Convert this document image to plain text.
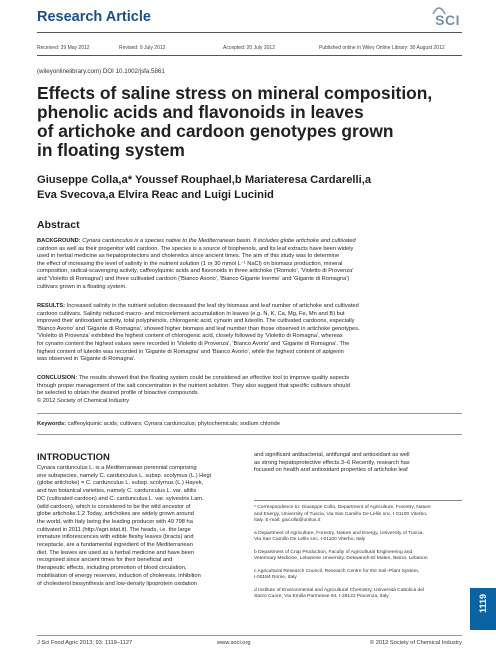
Research Article	SCI
Received: 29 May 2012	Revised: 9 July 2012	Accepted: 20 July 2012	Published online in Wiley Online Library: 30 August 2012
(wileyonlinelibrary.com) DOI 10.1002/jsfa.5861
Effects of saline stress on mineral composition,
phenolic acids and flavonoids in leaves
of artichoke and cardoon genotypes grown
in floating system
Giuseppe Colla,a* Youssef Rouphael,b Mariateresa Cardarelli,a
Eva Svecova,a Elvira Reac and Luigi Lucinid
Abstract
BACKGROUND: Cynara cardunculus is a species native to the Mediterranean basin. It includes globe artichoke and cultivated
cardoon as well as their progenitor wild cardoon. The species is a source of biophenols, and its leaf extracts have been widely
used in herbal medicine as hepatoprotectors and choleretics since ancient times. The aim of this study was to determine
the effect of increasing the level of salinity in the nutrient solution (1 or 30 mmol L⁻¹ NaCl) on biomass production, mineral
composition, radical-scavenging activity, caffeoylquinic acids and flavonoids in three artichoke ('Romolo', 'Violetto di Provenza'
and 'Violetto di Romagna') and three cultivated cardoon ('Bianco Avorio', 'Bianco Gigante Inerme' and 'Gigante di Romagna')
cultivars grown in a floating system.
RESULTS: Increased salinity in the nutrient solution decreased the leaf dry biomass and leaf number of artichoke and cultivated
cardoon cultivars. Salinity reduced macro- and microelement accumulation in leaves (e.g. N, K, Ca, Mg, Fe, Mn and B) but
improved their antioxidant activity, total polyphenols, chlorogenic acid, cynarin and luteolin. The cultivated cardoons, especially
'Bianco Avorio' and 'Gigante di Romagna', showed higher biomass and leaf number than those observed in artichoke genotypes.
'Violetto di Provenza' exhibited the highest content of chlorogenic acid, closely followed by 'Violetto di Romagna', whereas
for cynarin content the highest values were recorded in 'Violetto di Provenza', 'Bianco Avorio' and 'Gigante di Romagna'. The
highest content of luteolin was recorded in 'Gigante di Romagna' and 'Bianco Avorio', while the highest content of apigenin
was observed in 'Gigante di Romagna'.
CONCLUSION: The results showed that the floating system could be considered an effective tool to improve quality aspects
through proper management of the salt concentration in the nutrient solution. They also suggest that specific cultivars should
be selected to obtain the desired profile of bioactive compounds.
© 2012 Society of Chemical Industry
Keywords: caffeoylquinic acids; cultivars; Cynara cardunculus; phytochemicals; sodium chloride
INTRODUCTION
Cynara cardunculus L. is a Mediterranean perennial comprising
one subspecies, namely C. cardunculus L. subsp. scolymus (L.) Hegi
(globe artichoke) = C. cardunculus L. subsp. scolymus (L.) Hayek,
and two botanical varieties, namely C. cardunculus L. var. altilis
DC (cultivated cardoon) and C. cardunculus L. var. sylvestris Lam.
(wild cardoon), which is considered to be the wild ancestor of
globe artichoke.1,2 Today, artichokes are widely grown around
the world, with Italy being the leading producer with 49 798 ha
cultivated in 2011 (http://agri.istat.it). The heads, i.e. the large
immature inflorescences with edible fleshy leaves (bracts) and
receptacle, are a fundamental ingredient of the Mediterranean
diet. The leaves are used as a herbal medicine and have been
recognised since ancient times for their beneficial and
therapeutic effects, including promotion of blood circulation,
mobilisation of energy reserves, induction of choleresis, inhibition
of cholesterol biosynthesis and low-density lipoprotein oxidation
and significant antibacterial, antifungal and antioxidant as well
as strong hepatoprotective effects.3–6 Recently, research has
focused on health and antioxidant properties of artichoke leaf
* Correspondence to: Giuseppe Colla, Department of Agriculture, Forestry, Nature
and Energy, University of Tuscia, Via San Camillo De Lellis snc, I-01100 Viterbo,
Italy. E-mail: giucolla@unitus.it
a Department of Agriculture, Forestry, Nature and Energy, University of Tuscia,
Via San Camillo De Lellis snc, I-01100 Viterbo, Italy
b Department of Crop Production, Faculty of Agricultural Engineering and
Veterinary Medicine, Lebanese University, Dekwaneh-El Maten, Beirut, Lebanon
c Agricultural Research Council, Research Centre for the Soil–Plant System,
I-00184 Rome, Italy
d Institute of Environmental and Agricultural Chemistry, Università Cattolica del
Sacro Cuore, Via Emilia Parmense 84, I-29122 Piacenza, Italy
J Sci Food Agric 2013; 93: 1119–1127	www.soci.org	© 2012 Society of Chemical Industry
1119
